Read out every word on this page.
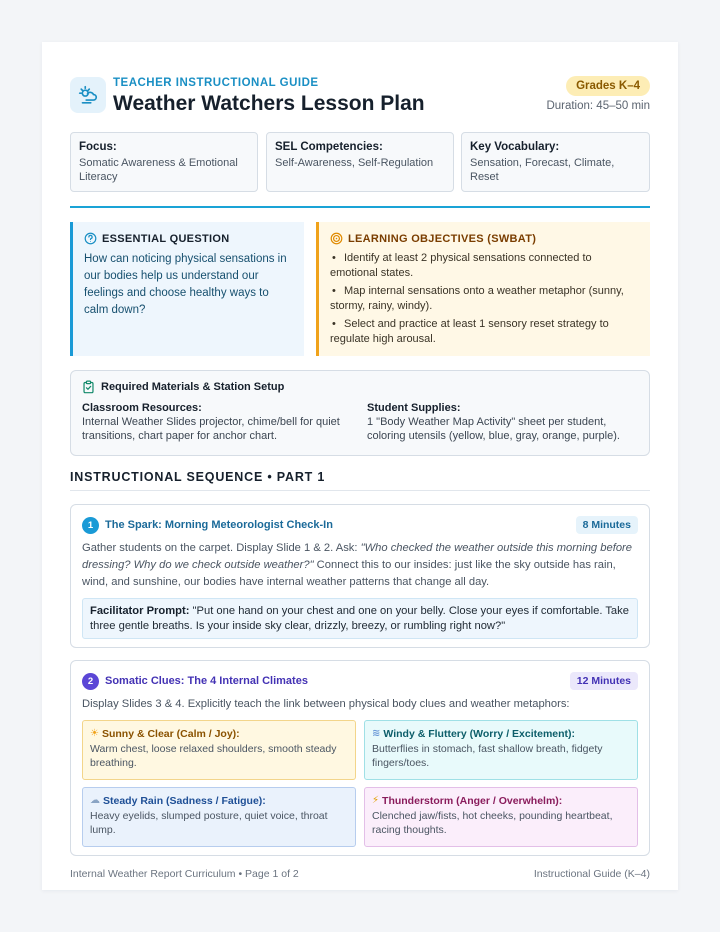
TEACHER INSTRUCTIONAL GUIDE
Weather Watchers Lesson Plan
Grades K–4
Duration: 45–50 min
Focus:
Somatic Awareness & Emotional Literacy
SEL Competencies:
Self-Awareness, Self-Regulation
Key Vocabulary:
Sensation, Forecast, Climate, Reset
ESSENTIAL QUESTION
How can noticing physical sensations in our bodies help us understand our feelings and choose healthy ways to calm down?
LEARNING OBJECTIVES (SWBAT)
• Identify at least 2 physical sensations connected to emotional states.
• Map internal sensations onto a weather metaphor (sunny, stormy, rainy, windy).
• Select and practice at least 1 sensory reset strategy to regulate high arousal.
Required Materials & Station Setup
Classroom Resources:
Internal Weather Slides projector, chime/bell for quiet transitions, chart paper for anchor chart.
Student Supplies:
1 "Body Weather Map Activity" sheet per student, coloring utensils (yellow, blue, gray, orange, purple).
INSTRUCTIONAL SEQUENCE • PART 1
1	The Spark: Morning Meteorologist Check-In	8 Minutes
Gather students on the carpet. Display Slide 1 & 2. Ask: "Who checked the weather outside this morning before dressing? Why do we check outside weather?" Connect this to our insides: just like the sky outside has rain, wind, and sunshine, our bodies have internal weather patterns that change all day.
Facilitator Prompt: "Put one hand on your chest and one on your belly. Close your eyes if comfortable. Take three gentle breaths. Is your inside sky clear, drizzly, breezy, or rumbling right now?"
2	Somatic Clues: The 4 Internal Climates	12 Minutes
Display Slides 3 & 4. Explicitly teach the link between physical body clues and weather metaphors:
☀ Sunny & Clear (Calm / Joy):
Warm chest, loose relaxed shoulders, smooth steady breathing.
≋ Windy & Fluttery (Worry / Excitement):
Butterflies in stomach, fast shallow breath, fidgety fingers/toes.
☁ Steady Rain (Sadness / Fatigue):
Heavy eyelids, slumped posture, quiet voice, throat lump.
⚡ Thunderstorm (Anger / Overwhelm):
Clenched jaw/fists, hot cheeks, pounding heartbeat, racing thoughts.
Internal Weather Report Curriculum • Page 1 of 2	Instructional Guide (K–4)
